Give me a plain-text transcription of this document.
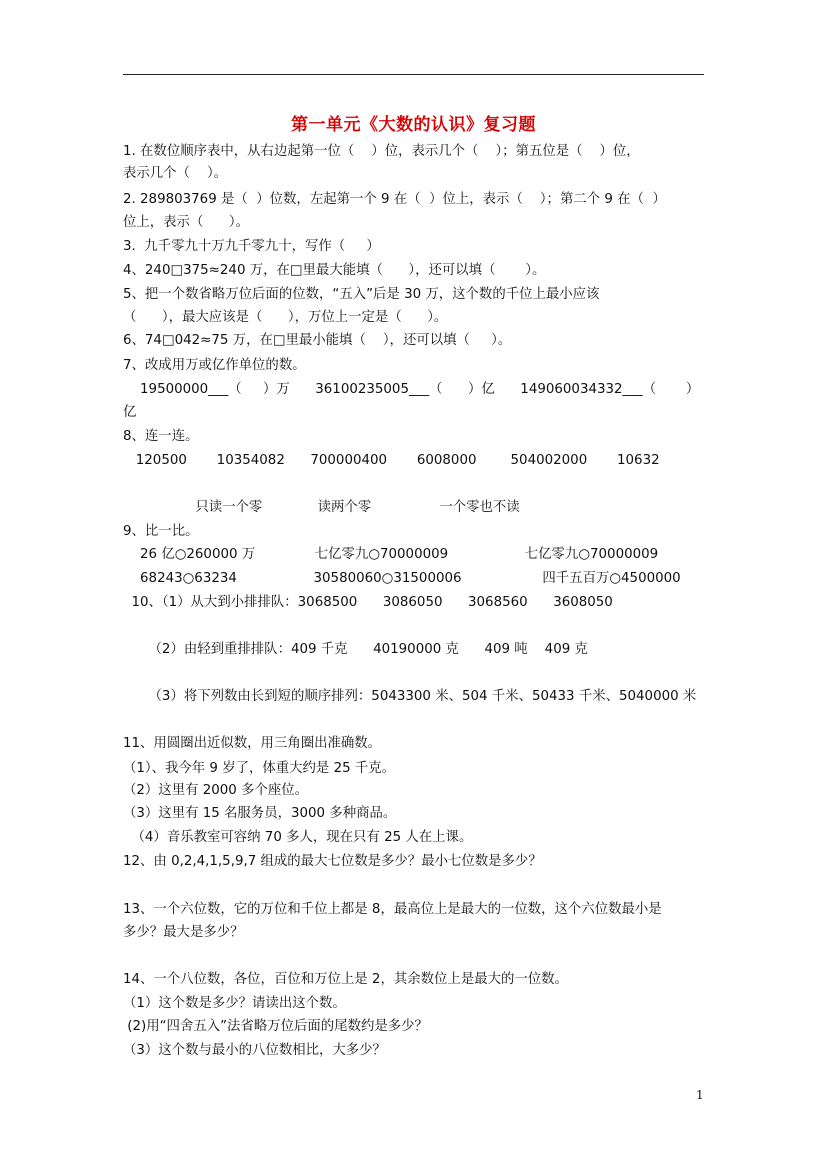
第一单元《大数的认识》复习题
1. 在数位顺序表中，从右边起第一位（    ）位，表示几个（    ）；第五位是（    ）位，
表示几个（    ）。
2. 289803769 是（  ）位数，左起第一个 9 在（  ）位上，表示（    ）；第二个 9 在（  ）
位上，表示（      ）。
3.  九千零九十万九千零九十，写作（     ）
4、240□375≈240 万，在□里最大能填（      ），还可以填（       ）。
5、把一个数省略万位后面的位数，“五入”后是 30 万，这个数的千位上最小应该
（      ），最大应该是（      ），万位上一定是（      ）。
6、74□042≈75 万，在□里最小能填（    ），还可以填（     ）。
7、改成用万或亿作单位的数。
19500000___（     ）万      36100235005___（      ）亿      149060034332___（       ）
亿
8、连一连。
120500       10354082      700000400       6008000        504002000       10632
只读一个零             读两个零                一个零也不读
9、比一比。
26 亿○260000 万              七亿零九○70000009                  七亿零九○70000009
68243○63234                  30580060○31500006                   四千五百万○4500000
10、（1）从大到小排排队：3068500      3086050      3068560      3608050
（2）由轻到重排排队：409 千克      40190000 克      409 吨    409 克
（3）将下列数由长到短的顺序排列：5043300 米、504 千米、50433 千米、5040000 米
11、用圆圈出近似数，用三角圈出准确数。
（1）、我今年 9 岁了，体重大约是 25 千克。
（2）这里有 2000 多个座位。
（3）这里有 15 名服务员，3000 多种商品。
（4）音乐教室可容纳 70 多人，现在只有 25 人在上课。
12、由 0,2,4,1,5,9,7 组成的最大七位数是多少？最小七位数是多少？
13、一个六位数，它的万位和千位上都是 8，最高位上是最大的一位数，这个六位数最小是
多少？最大是多少？
14、一个八位数，各位，百位和万位上是 2，其余数位上是最大的一位数。
（1）这个数是多少？请读出这个数。
(2)用“四舍五入”法省略万位后面的尾数约是多少？
（3）这个数与最小的八位数相比，大多少？
1
